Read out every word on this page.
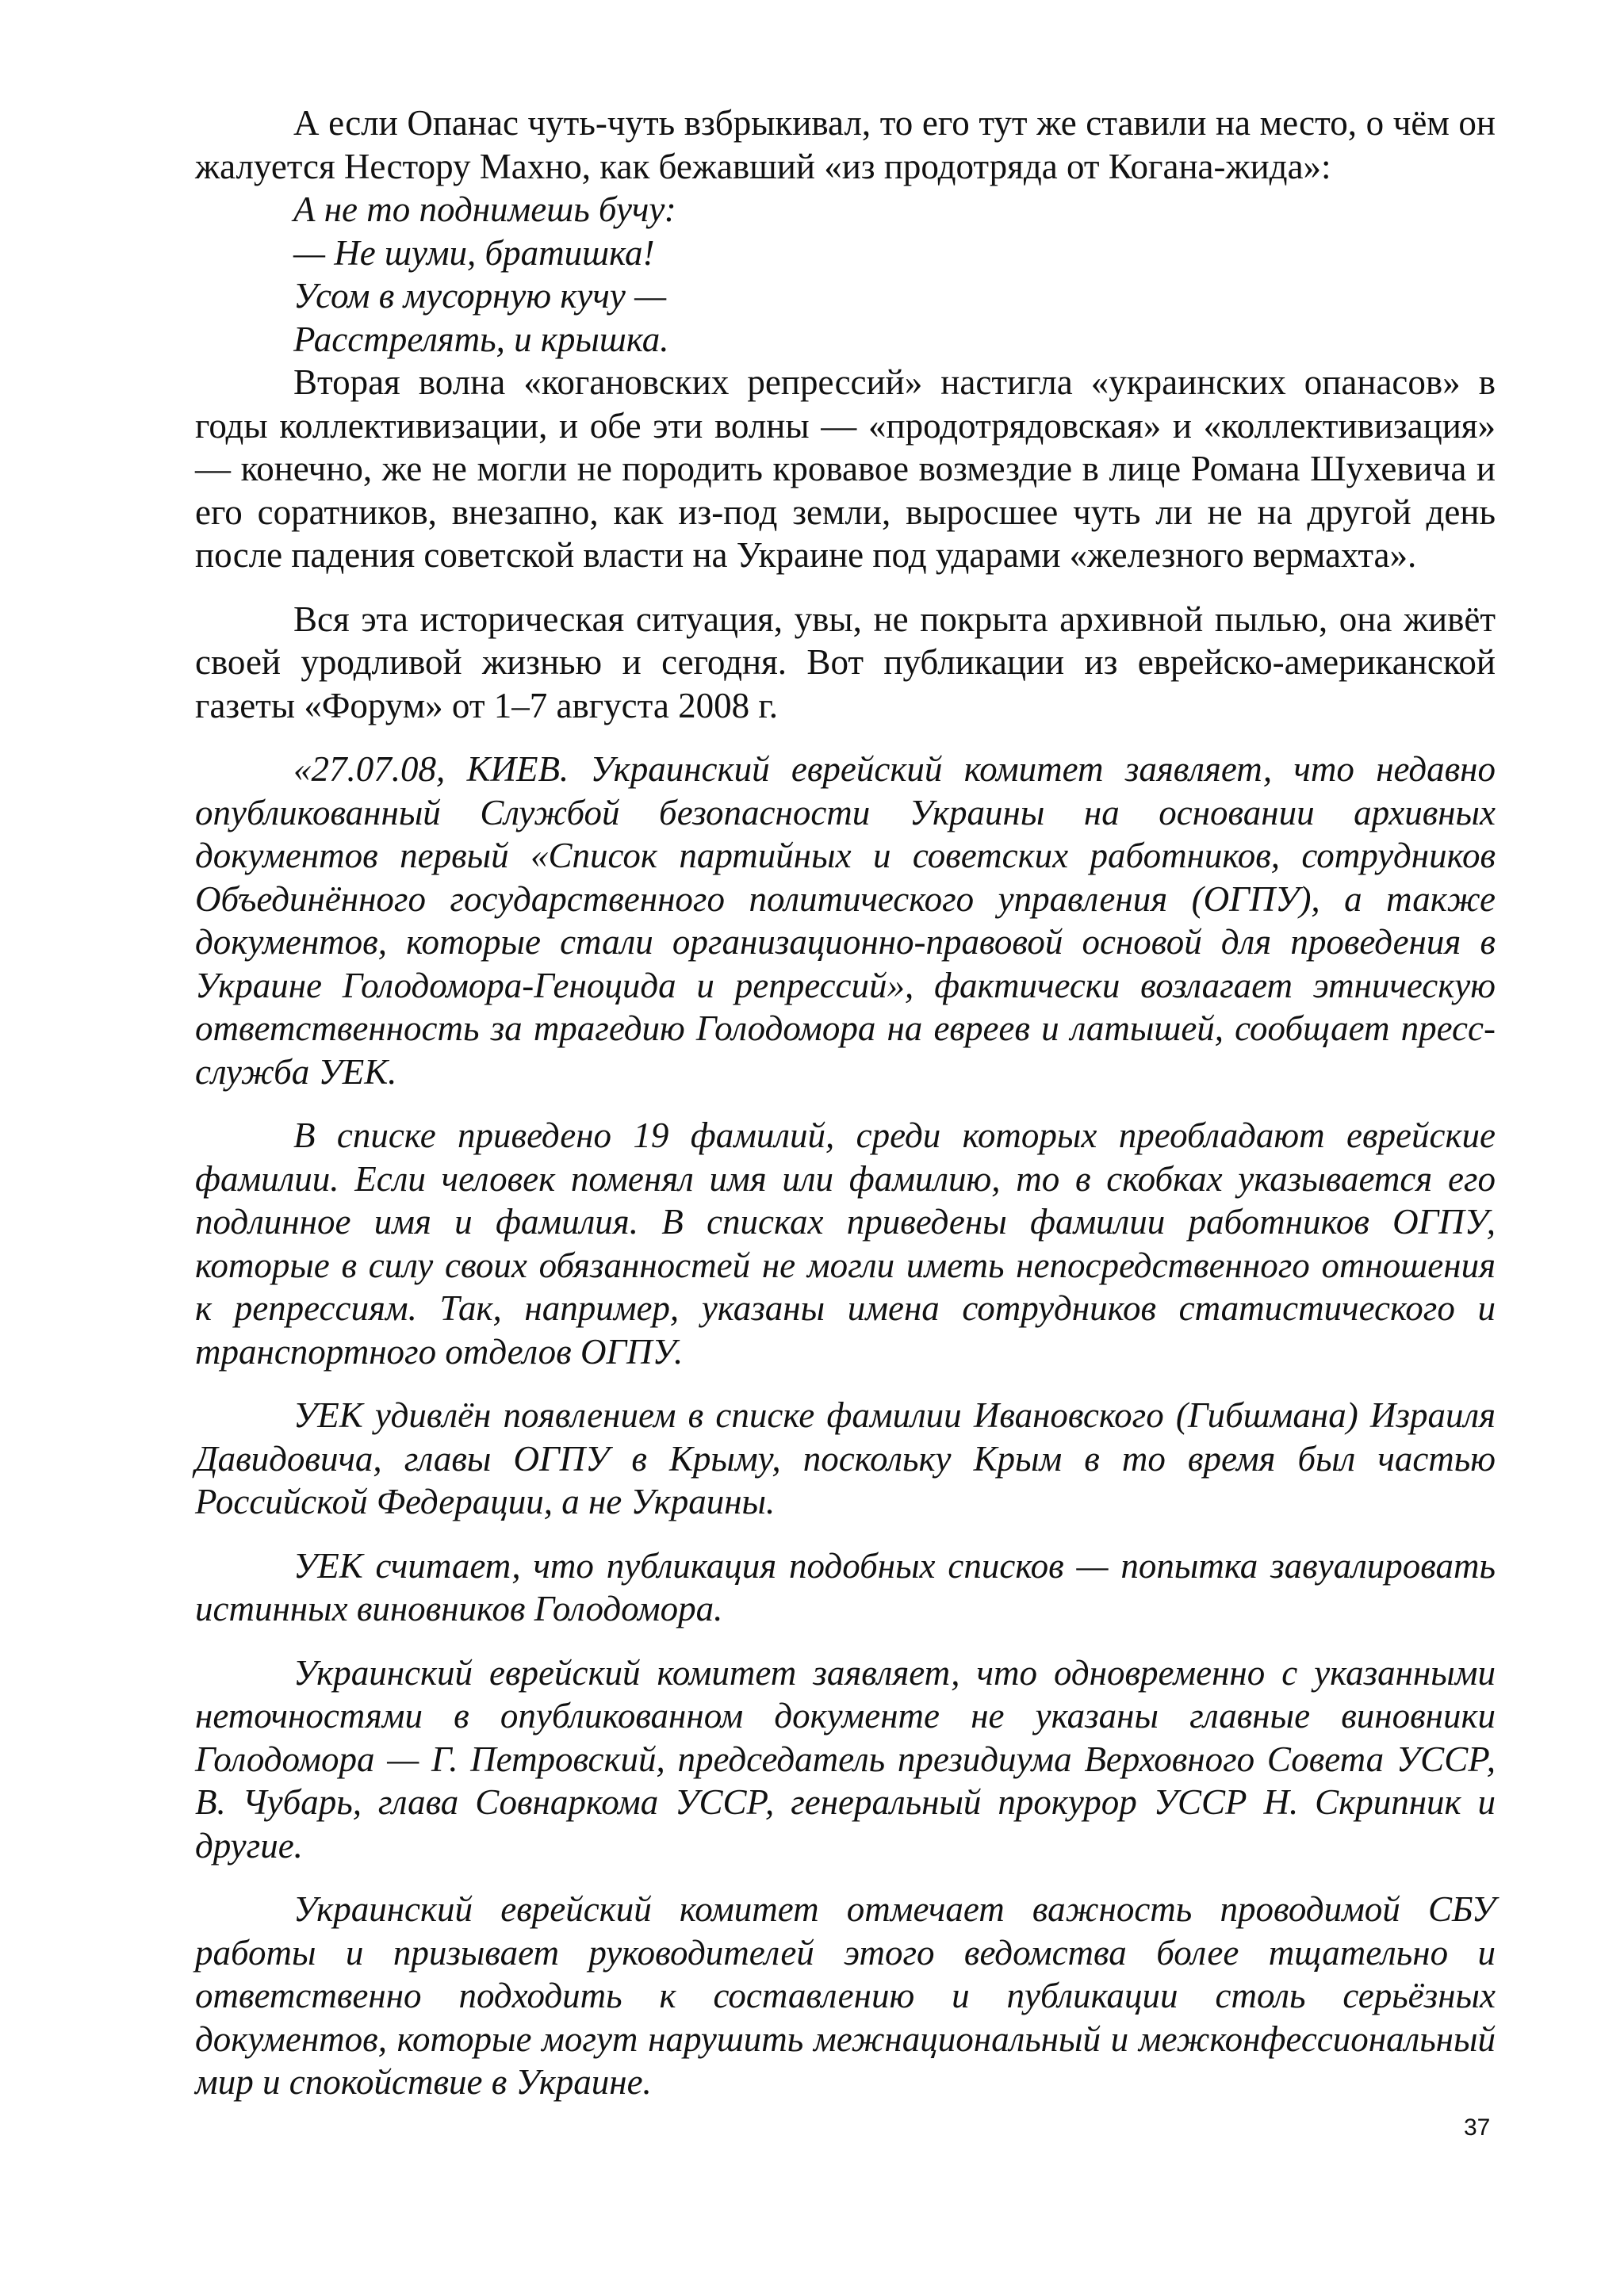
А если Опанас чуть-чуть взбрыкивал, то его тут же ставили на место, о чём он жалуется Нестору Махно, как бежавший «из продотряда от Когана-жида»:

А не то поднимешь бучу:
— Не шуми, братишка!
Усом в мусорную кучу —
Расстрелять, и крышка.

Вторая волна «когановских репрессий» настигла «украинских опанасов» в годы коллективизации, и обе эти волны — «продотрядовская» и «коллективизация» — конечно, же не могли не породить кровавое возмездие в лице Романа Шухевича и его соратников, внезапно, как из-под земли, выросшее чуть ли не на другой день после падения советской власти на Украине под ударами «железного вермахта».

Вся эта историческая ситуация, увы, не покрыта архивной пылью, она живёт своей уродливой жизнью и сегодня. Вот публикации из еврейско-американской газеты «Форум» от 1–7 августа 2008 г.

«27.07.08, КИЕВ. Украинский еврейский комитет заявляет, что недавно опубликованный Службой безопасности Украины на основании архивных документов первый «Список партийных и советских работников, сотрудников Объединённого государственного политического управления (ОГПУ), а также документов, которые стали организационно-правовой основой для проведения в Украине Голодомора-Геноцида и репрессий», фактически возлагает этническую ответственность за трагедию Голодомора на евреев и латышей, сообщает пресс-служба УЕК.

В списке приведено 19 фамилий, среди которых преобладают еврейские фамилии. Если человек поменял имя или фамилию, то в скобках указывается его подлинное имя и фамилия. В списках приведены фамилии работников ОГПУ, которые в силу своих обязанностей не могли иметь непосредственного отношения к репрессиям. Так, например, указаны имена сотрудников статистического и транспортного отделов ОГПУ.

УЕК удивлён появлением в списке фамилии Ивановского (Гибшмана) Израиля Давидовича, главы ОГПУ в Крыму, поскольку Крым в то время был частью Российской Федерации, а не Украины.

УЕК считает, что публикация подобных списков — попытка завуалировать истинных виновников Голодомора.

Украинский еврейский комитет заявляет, что одновременно с указанными неточностями в опубликованном документе не указаны главные виновники Голодомора — Г. Петровский, председатель президиума Верховного Совета УССР, В. Чубарь, глава Совнаркома УССР, генеральный прокурор УССР Н. Скрипник и другие.

Украинский еврейский комитет отмечает важность проводимой СБУ работы и призывает руководителей этого ведомства более тщательно и ответственно подходить к составлению и публикации столь серьёзных документов, которые могут нарушить межнациональный и межконфессиональный мир и спокойствие в Украине.

37
